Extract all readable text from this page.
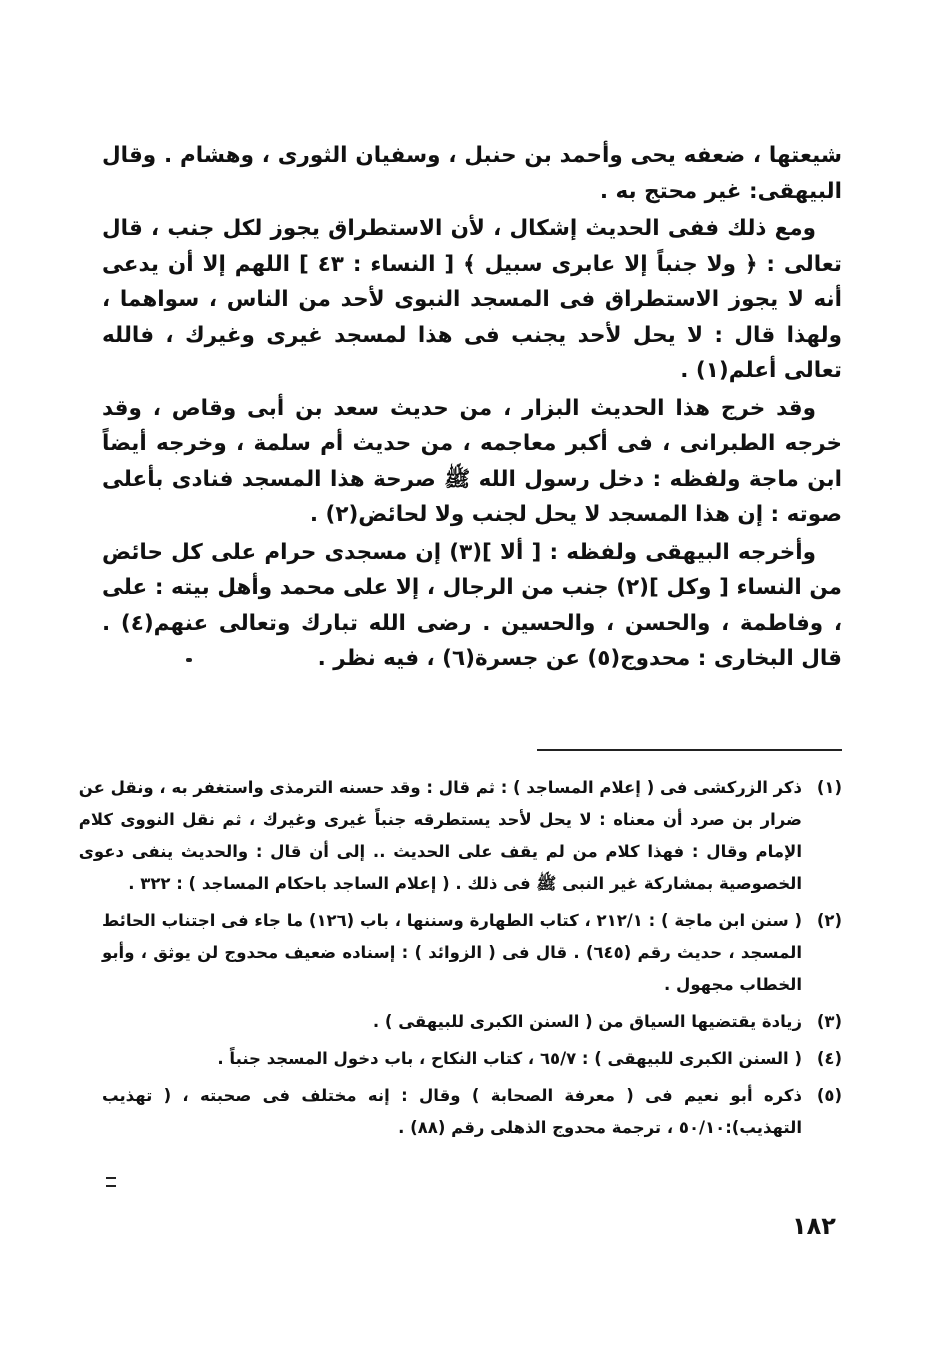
شيعتها ، ضعفه يحى وأحمد بن حنبل ، وسفيان الثورى ، وهشام . وقال البيهقى: غير محتج به .

ومع ذلك ففى الحديث إشكال ، لأن الاستطراق يجوز لكل جنب ، قال تعالى : ﴿ ولا جنباً إلا عابرى سبيل ﴾ [ النساء : ٤٣ ] اللهم إلا أن يدعى أنه لا يجوز الاستطراق فى المسجد النبوى لأحد من الناس ، سواهما ، ولهذا قال : لا يحل لأحد يجنب فى هذا لمسجد غيرى وغيرك ، فالله تعالى أعلم(١) .

وقد خرج هذا الحديث البزار ، من حديث سعد بن أبى وقاص ، وقد خرجه الطبرانى ، فى أكبر معاجمه ، من حديث أم سلمة ، وخرجه أيضاً ابن ماجة ولفظه : دخل رسول الله ﷺ صرحة هذا المسجد فنادى بأعلى صوته : إن هذا المسجد لا يحل لجنب ولا لحائض(٢) .

وأخرجه البيهقى ولفظه : [ ألا ](٣) إن مسجدى حرام على كل حائض من النساء [ وكل ](٢) جنب من الرجال ، إلا على محمد وأهل بيته : على ، وفاطمة ، والحسن ، والحسين . رضى الله تبارك وتعالى عنهم(٤) . قال البخارى : محدوج(٥) عن جسرة(٦) ، فيه نظر .

(١)
ذكر الزركشى فى ( إعلام المساجد ) : ثم قال : وقد حسنه الترمذى واستغفر به ، ونقل عن
ضرار بن صرد أن معناه : لا يحل لأحد يستطرقه جنباً غيرى وغيرك ، ثم نقل النووى كلام
الإمام وقال : فهذا كلام من لم يقف على الحديث .. إلى أن قال : والحديث ينفى دعوى
الخصوصية بمشاركة غير النبى ﷺ فى ذلك . ( إعلام الساجد باحكام المساجد ) : ٣٢٢ .
(٢)
( سنن ابن ماجة ) : ٢١٢/١ ، كتاب الطهارة وسننها ، باب (١٢٦) ما جاء فى اجتناب الحائط
المسجد ، حديث رقم (٦٤٥) . قال فى ( الزوائد ) : إسناده ضعيف محدوج لن يوثق ، وأبو
الخطاب مجهول .
(٣)
زيادة يقتضيها السياق من ( السنن الكبرى للبيهقى ) .
(٤)
( السنن الكبرى للبيهقى ) : ٦٥/٧ ، كتاب النكاح ، باب دخول المسجد جنباً .
(٥)
ذكره أبو نعيم فى ( معرفة الصحابة ) وقال : إنه مختلف فى صحبته ، ( تهذيب
التهذيب):٥٠/١٠ ، ترجمة محدوج الذهلى رقم (٨٨) .
١٨٢
